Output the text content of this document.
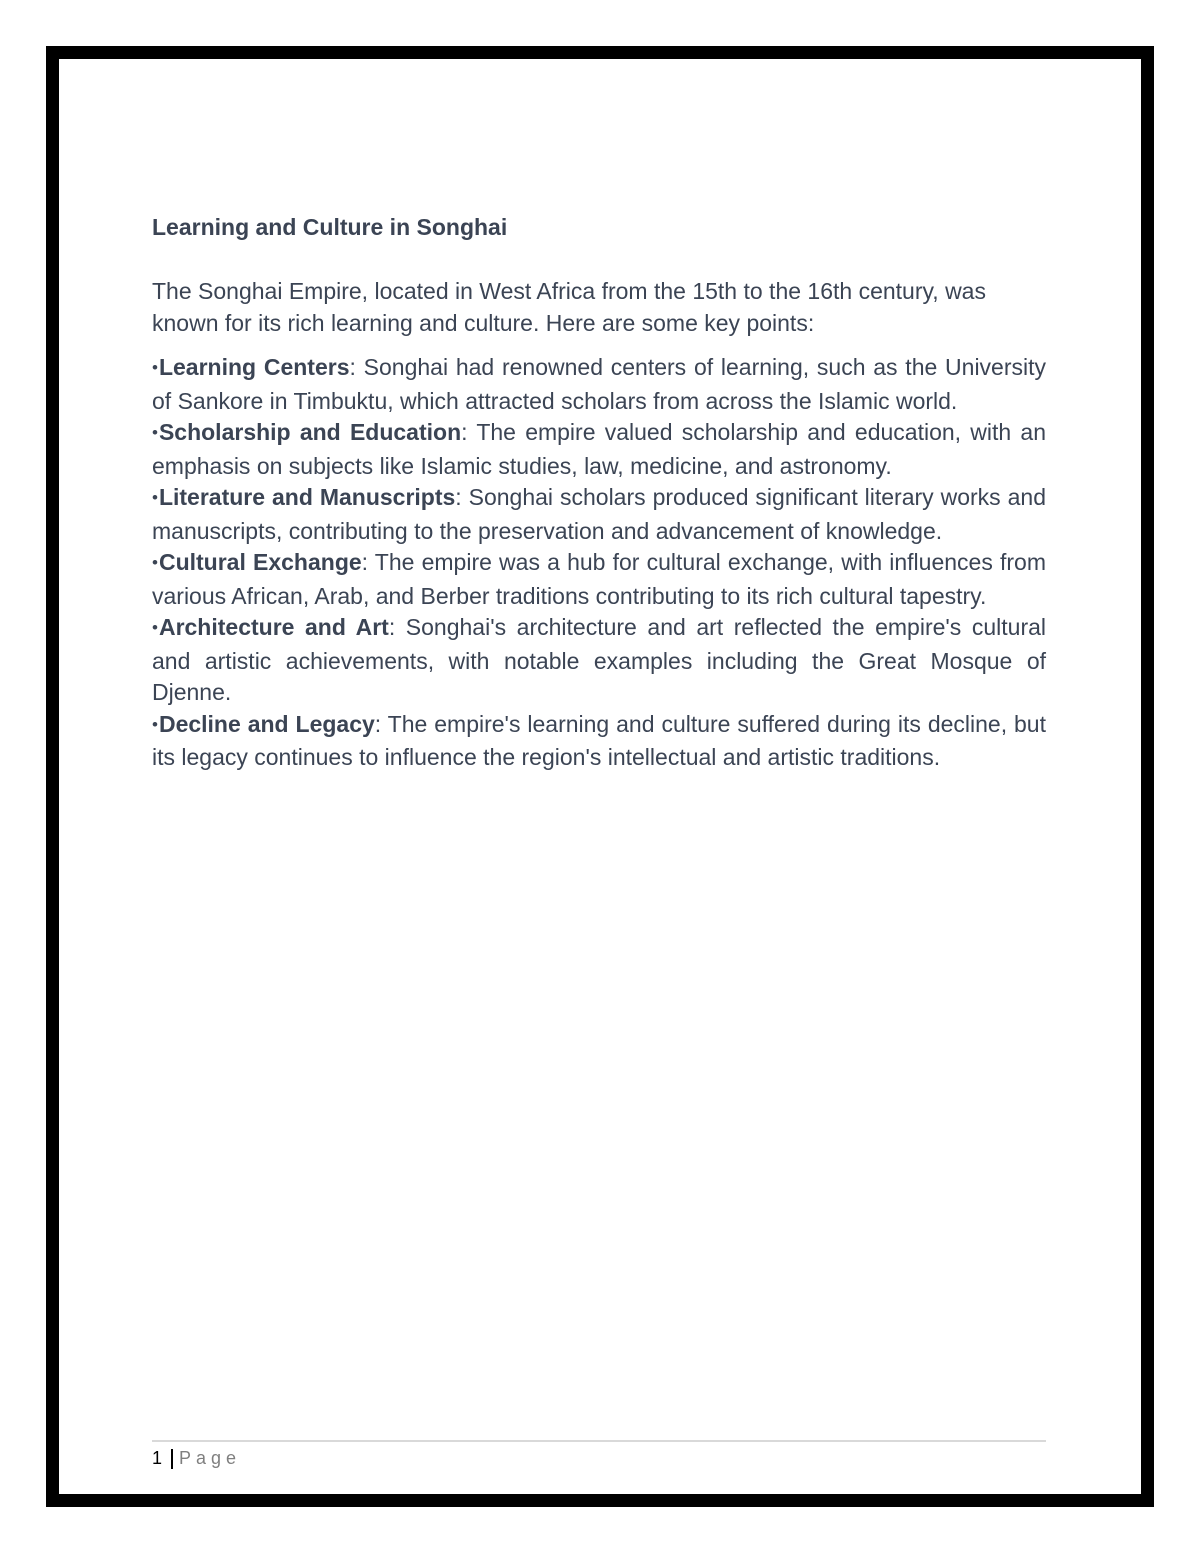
Learning and Culture in Songhai

The Songhai Empire, located in West Africa from the 15th to the 16th century, was known for its rich learning and culture. Here are some key points:

•Learning Centers: Songhai had renowned centers of learning, such as the University of Sankore in Timbuktu, which attracted scholars from across the Islamic world.
•Scholarship and Education: The empire valued scholarship and education, with an emphasis on subjects like Islamic studies, law, medicine, and astronomy.
•Literature and Manuscripts: Songhai scholars produced significant literary works and manuscripts, contributing to the preservation and advancement of knowledge.
•Cultural Exchange: The empire was a hub for cultural exchange, with influences from various African, Arab, and Berber traditions contributing to its rich cultural tapestry.
•Architecture and Art: Songhai's architecture and art reflected the empire's cultural and artistic achievements, with notable examples including the Great Mosque of Djenne.
•Decline and Legacy: The empire's learning and culture suffered during its decline, but its legacy continues to influence the region's intellectual and artistic traditions.
1 Page
